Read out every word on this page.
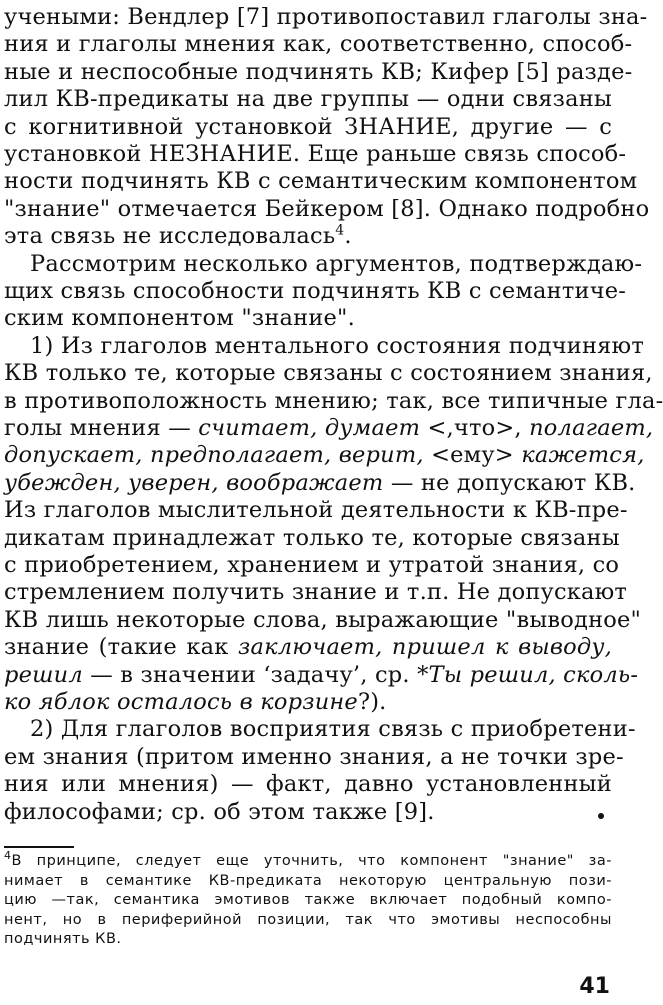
учеными: Вендлер [7] противопоставил глаголы зна-
ния и глаголы мнения как, соответственно, способ-
ные и неспособные подчинять КВ; Кифер [5] разде-
лил КВ-предикаты на две группы — одни связаны
с когнитивной установкой ЗНАНИЕ, другие — с
установкой НЕЗНАНИЕ. Еще раньше связь способ-
ности подчинять КВ с семантическим компонентом
"знание" отмечается Бейкером [8]. Однако подробно
эта связь не исследовалась$^4$.
Рассмотрим несколько аргументов, подтверждаю-
щих связь способности подчинять КВ с семантиче-
ским компонентом "знание".
1) Из глаголов ментального состояния подчиняют
КВ только те, которые связаны с состоянием знания,
в противоположность мнению; так, все типичные гла-
голы мнения — считает, думает <,что>, полагает,
допускает, предполагает, верит, <ему> кажется,
убежден, уверен, воображает — не допускают КВ.
Из глаголов мыслительной деятельности к КВ-пре-
дикатам принадлежат только те, которые связаны
с приобретением, хранением и утратой знания, со
стремлением получить знание и т.п. Не допускают
КВ лишь некоторые слова, выражающие "выводное"
знание (такие как заключает, пришел к выводу,
решил — в значении ‘задачу’, ср. *Ты решил, сколь-
ко яблок осталось в корзине?).
2) Для глаголов восприятия связь с приобретени-
ем знания (притом именно знания, а не точки зре-
ния или мнения) — факт, давно установленный
философами; ср. об этом также [9].
$^4$В принципе, следует еще уточнить, что компонент "знание" за-
нимает в семантике КВ-предиката некоторую центральную пози-
цию —так, семантика эмотивов также включает подобный компо-
нент, но в периферийной позиции, так что эмотивы неспособны
подчинять КВ.
41
